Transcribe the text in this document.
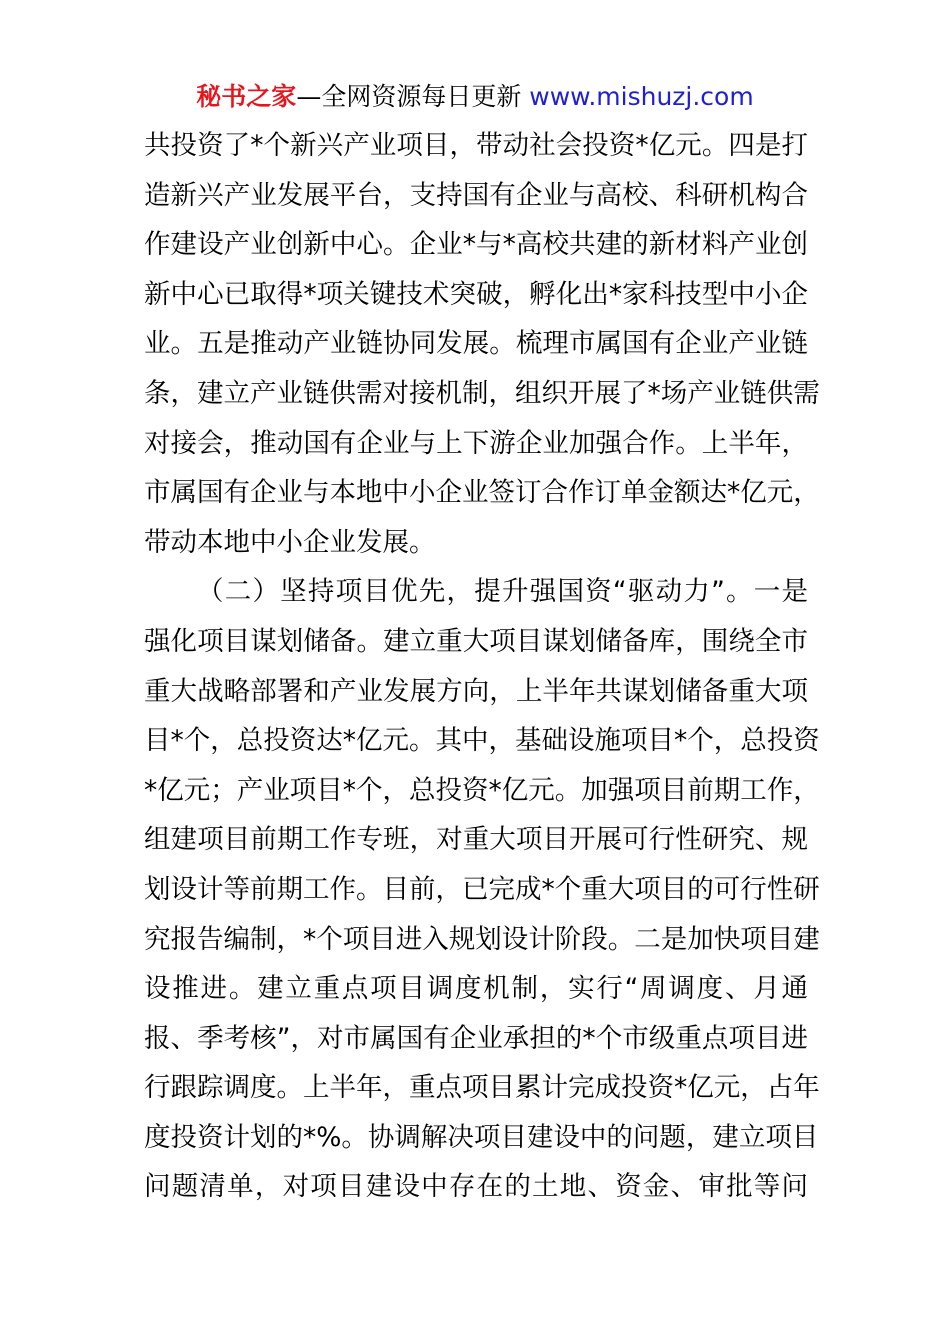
秘书之家—全网资源每日更新 www.mishuzj.com
共投资了*个新兴产业项目，带动社会投资*亿元。四是打
造新兴产业发展平台，支持国有企业与高校、科研机构合
作建设产业创新中心。企业*与*高校共建的新材料产业创
新中心已取得*项关键技术突破，孵化出*家科技型中小企
业。五是推动产业链协同发展。梳理市属国有企业产业链
条，建立产业链供需对接机制，组织开展了*场产业链供需
对接会，推动国有企业与上下游企业加强合作。上半年，
市属国有企业与本地中小企业签订合作订单金额达*亿元，
带动本地中小企业发展。
（二）坚持项目优先，提升强国资“驱动力”。一是
强化项目谋划储备。建立重大项目谋划储备库，围绕全市
重大战略部署和产业发展方向，上半年共谋划储备重大项
目*个，总投资达*亿元。其中，基础设施项目*个，总投资
*亿元；产业项目*个，总投资*亿元。加强项目前期工作，
组建项目前期工作专班，对重大项目开展可行性研究、规
划设计等前期工作。目前，已完成*个重大项目的可行性研
究报告编制，*个项目进入规划设计阶段。二是加快项目建
设推进。建立重点项目调度机制，实行“周调度、月通
报、季考核”，对市属国有企业承担的*个市级重点项目进
行跟踪调度。上半年，重点项目累计完成投资*亿元，占年
度投资计划的*%。协调解决项目建设中的问题，建立项目
问题清单，对项目建设中存在的土地、资金、审批等问
